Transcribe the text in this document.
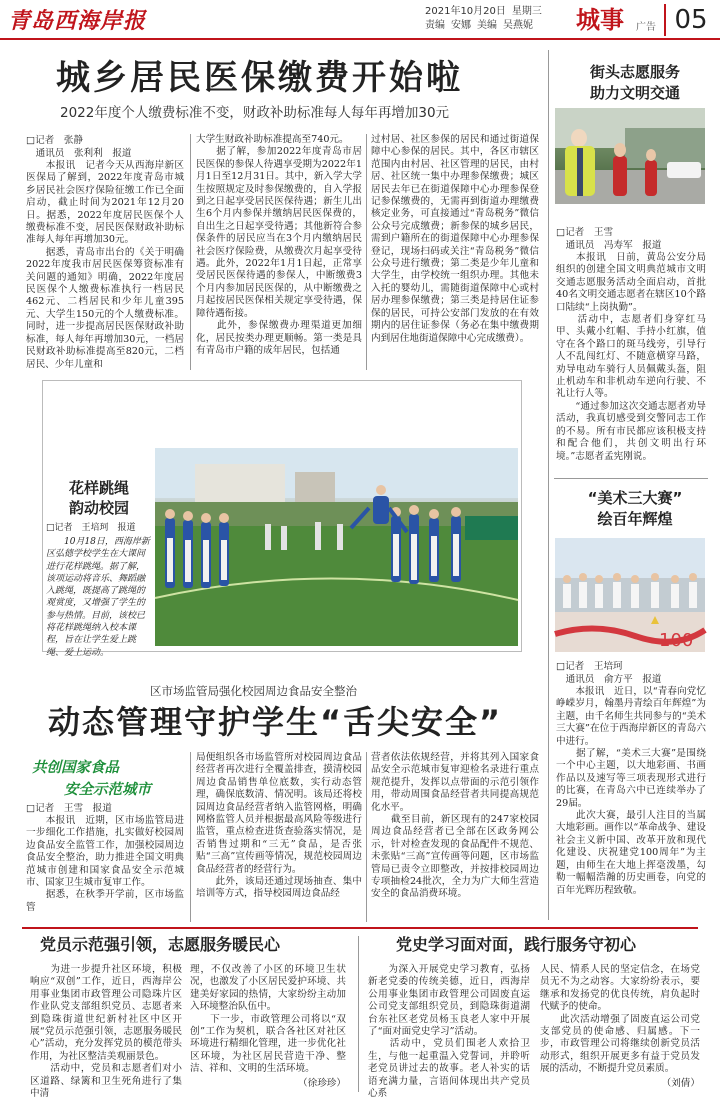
青岛西海岸报	2021年10月20日 星期三
责编 安娜 美编 吴燕妮	城事 广告 05
城乡居民医保缴费开始啦
2022年度个人缴费标准不变，财政补助标准每人每年再增加30元
□记者　张静
　通讯员　张利利　报道
　　本报讯　记者今天从西海岸新区医保局了解到，2022年度青岛市城乡居民社会医疗保险征缴工作已全面启动，截止时间为2021年12月20日。据悉，2022年度居民医保个人缴费标准不变，居民医保财政补助标准每人每年再增加30元。
　　据悉，青岛市出台的《关于明确2022年度我市居民医保筹资标准有关问题的通知》明确，2022年度居民医保个人缴费标准执行一档居民462元、二档居民和少年儿童395元、大学生150元的个人缴费标准。同时，进一步提高居民医保财政补助标准，每人每年再增加30元，一档居民财政补助标准提高至820元，二档居民、少年儿童和
大学生财政补助标准提高至740元。
　　据了解，参加2022年度青岛市居民医保的参保人待遇享受期为2022年1月1日至12月31日。其中，新入学大学生按照规定及时参保缴费的，自入学报到之日起享受居民医保待遇；新生儿出生6个月内参保并缴纳居民医保费的，自出生之日起享受待遇；其他新符合参保条件的居民应当在3个月内缴纳居民社会医疗保险费，从缴费次月起享受待遇。此外，2022年1月1日起，正常享受居民医保待遇的参保人，中断缴费3个月内参加居民医保的，从中断缴费之月起按居民医保相关规定享受待遇，保障待遇衔接。
　　此外，参保缴费办理渠道更加细化，居民按类办理更顺畅。第一类是具有青岛市户籍的成年居民，包括通
过村居、社区参保的居民和通过街道保障中心参保的居民。其中，各区市辖区范围内由村居、社区管理的居民，由村居、社区统一集中办理参保缴费；城区居民去年已在街道保障中心办理参保登记参保缴费的，无需再到街道办理缴费核定业务，可直接通过“青岛税务”微信公众号完成缴费；新参保的城乡居民，需到户籍所在的街道保障中心办理参保登记，现场扫码或关注“青岛税务”微信公众号进行缴费；第二类是少年儿童和大学生，由学校统一组织办理。其他未入托的婴幼儿，需随街道保障中心或村居办理参保缴费；第三类是持居住证参保的居民，可持公安部门发放的在有效期内的居住证参保（务必在集中缴费期内到居住地街道保障中心完成缴费）。
街头志愿服务
助力文明交通
□记者　王雪
　通讯员　冯寿军　报道
　　本报讯　日前，黄岛公安分局组织的创建全国文明典范城市文明交通志愿服务活动全面启动，首批40名文明交通志愿者在辖区10个路口陆续“上岗执勤”。
　　活动中，志愿者们身穿红马甲、头戴小红帽、手持小红旗，值守在各个路口的斑马线旁，引导行人不乱闯红灯、不随意横穿马路，劝导电动车骑行人员佩戴头盔，阻止机动车和非机动车逆向行驶、不礼让行人等。
　　“通过参加这次交通志愿者劝导活动，我真切感受到交警同志工作的不易。所有市民都应该积极支持和配合他们，共创文明出行环境。”志愿者孟宪刚说。
花样跳绳
韵动校园
□记者　王培珂　报道
　　10月18日，西海岸新区弘德学校学生在大课间进行花样跳绳。据了解，该项运动将音乐、舞蹈融入跳绳，既提高了跳绳的观赏度，又增强了学生的参与热情。目前，该校已将花样跳绳纳入校本课程，旨在让学生爱上跳绳、爱上运动。
“美术三大赛”
绘百年辉煌
100
□记者　王培珂
　通讯员　俞方平　报道
　　本报讯　近日，以“青春向党忆峥嵘岁月，翰墨丹青绘百年辉煌”为主题，由千名师生共同参与的“美术三大赛”在位于西海岸新区的青岛六中进行。
　　据了解，“美术三大赛”是围绕一个中心主题，以大地彩画、书画作品以及速写等三项表现形式进行的比赛，在青岛六中已连续举办了29届。
　　此次大赛，最引人注目的当属大地彩画。画作以“革命战争、建设社会主义新中国、改革开放和现代化建设、庆祝建党100周年”为主题，由师生在大地上挥毫泼墨，勾勒一幅幅浩瀚的历史画卷，向党的百年光辉历程致敬。
区市场监管局强化校园周边食品安全整治
动态管理守护学生“舌尖安全”
共创国家食品
安全示范城市
□记者　王雪　报道
　　本报讯　近期，区市场监管局进一步细化工作措施，扎实做好校园周边食品安全监管工作，加强校园周边食品安全整治，助力推进全国文明典范城市创建和国家食品安全示范城市、国家卫生城市复审工作。
　　据悉，在秋季开学前，区市场监管
局便组织各市场监管所对校园周边食品经营者再次进行全覆盖排查，摸清校园周边食品销售单位底数，实行动态管理，确保底数清、情况明。该局还将校园周边食品经营者纳入监管网格，明确网格监管人员并根据最高风险等级进行监管，重点检查进货查验落实情况，是否销售过期和“三无”食品，是否张贴“三高”宣传画等情况，规范校园周边食品经营者的经营行为。
　　此外，该局还通过现场抽查、集中培训等方式，指导校园周边食品经
营者依法依规经营，并将其列入国家食品安全示范城市复审迎检名录进行重点规范提升，发挥以点带面的示范引领作用，带动周围食品经营者共同提高规范化水平。
　　截至目前，新区现有的247家校园周边食品经营者已全部在区政务网公示，针对检查发现的食品配件不规范、未张贴“三高”宣传画等问题，区市场监管局已责令立即整改，并按排校园周边专项抽检24批次，全力为广大师生营造安全的食品消费环境。
党员示范强引领，志愿服务暖民心	党史学习面对面，践行服务守初心
　　为进一步提升社区环境，积极响应“双创”工作，近日，西海岸公用事业集团市政管理公司隐珠片区作业队党支部组织党员、志愿者来到隐珠街道世纪新村社区中区开展“党员示范强引领，志愿服务暖民心”活动，充分发挥党员的模范带头作用，为社区整洁美观丽景色。
　　活动中，党员和志愿者们对小区道路、绿篱和卫生死角进行了集中清
理，不仅改善了小区的环境卫生状况，也激发了小区居民爱护环境、共建美好家园的热情，大家纷纷主动加入环境整治队伍中。
　　下一步，市政管理公司将以“双创”工作为契机，联合各社区对社区环境进行精细化管理，进一步优化社区环境，为社区居民营造干净、整洁、祥和、文明的生活环境。
（徐珍珍）
　　为深入开展党史学习教育，弘扬新老党委的传统美德，近日，西海岸公用事业集团市政管理公司固废直运公司党支部组织党员，到隐珠街道湖台东社区老党员杨玉良老人家中开展了“面对面党史学习”活动。
　　活动中，党员们围老人欢拾卫生，与他一起重温入党誓词，并聆听老党员讲过去的故事。老人补实的话语充满力量，言语间体现出共产党员心系
人民、情系人民的坚定信念，在场党员无不为之动容。大家纷纷表示，要继承和发扬党的优良传统，肩负起时代赋予的使命。
　　此次活动增强了固废直运公司党支部党员的使命感、归属感。下一步，市政管理公司将继续创新党员活动形式，组织开展更多有益于党员发展的活动，不断提升党员素质。
（刘倩）
